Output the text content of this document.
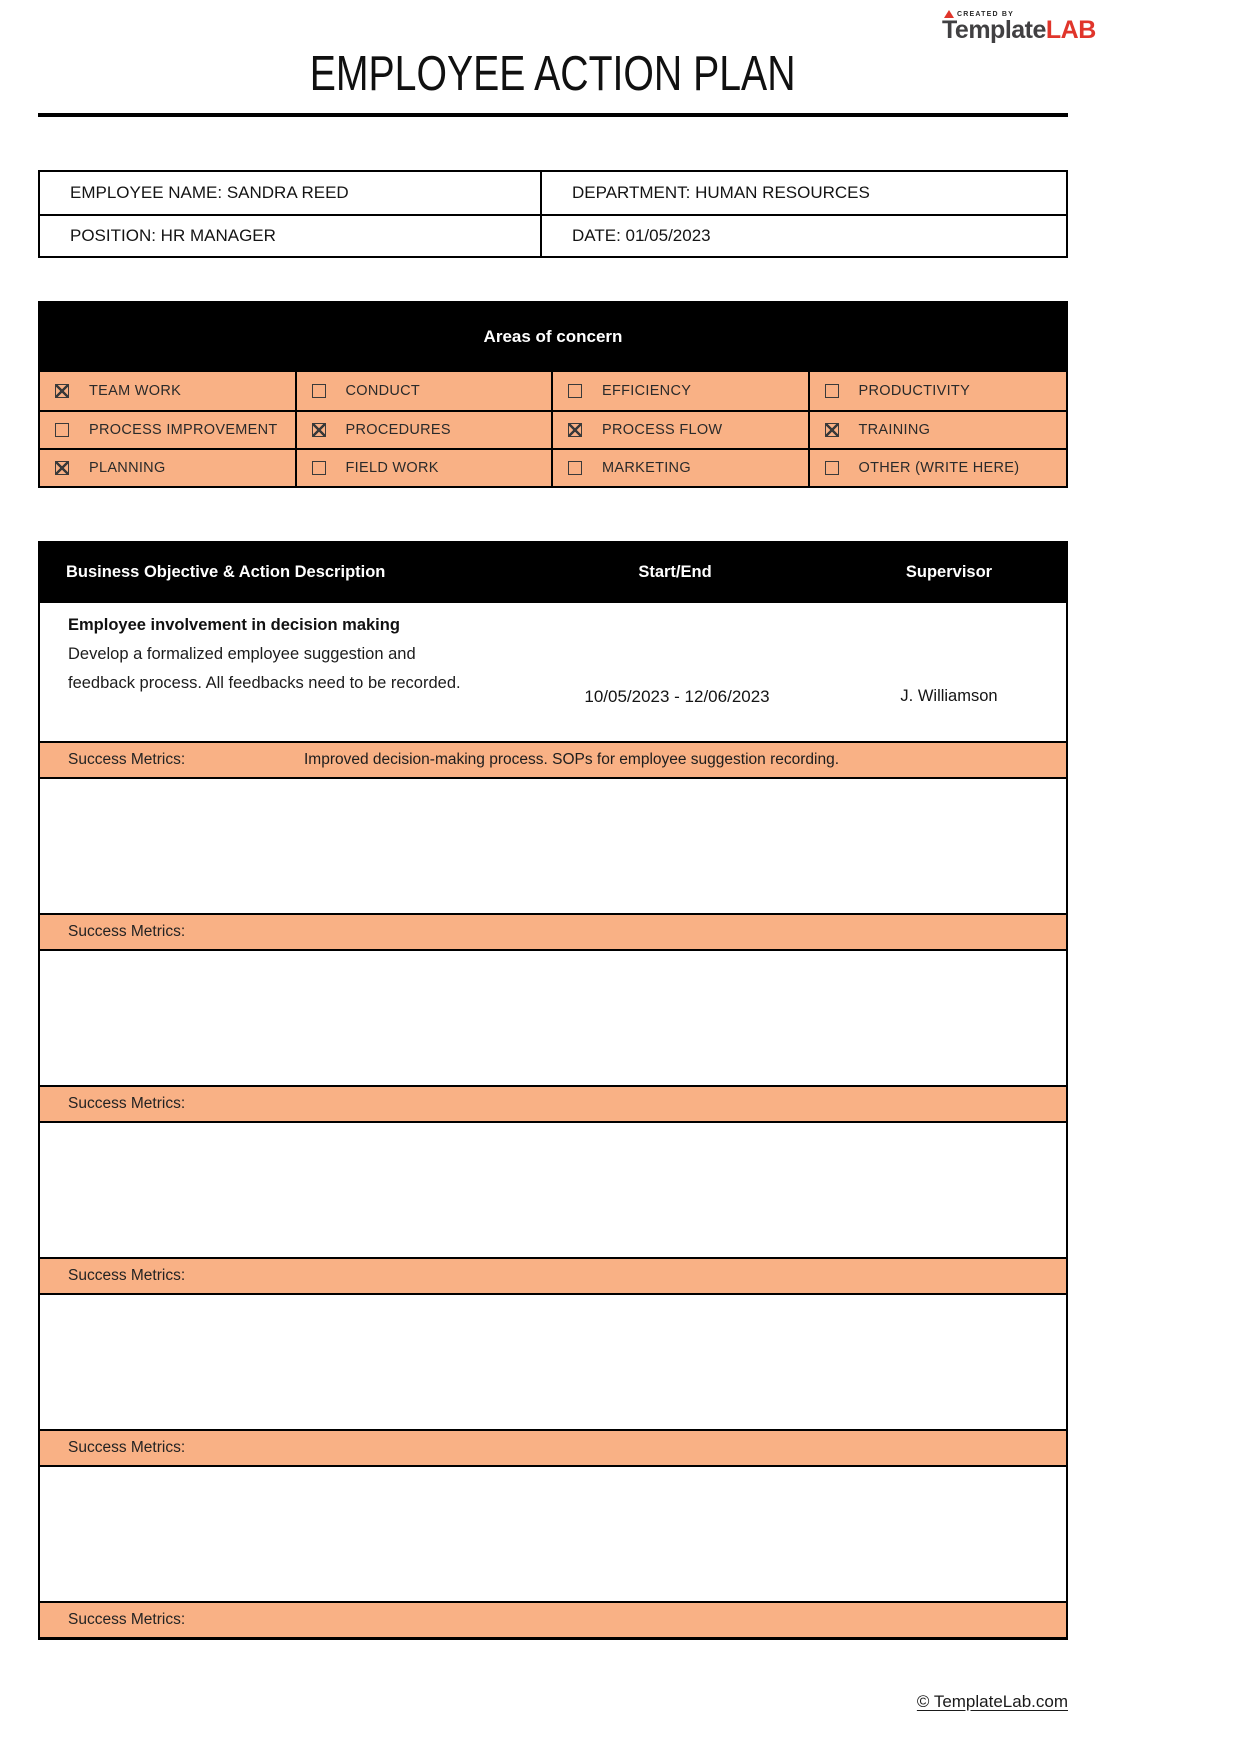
CREATED BY
TemplateLAB
EMPLOYEE ACTION PLAN
EMPLOYEE NAME: SANDRA REED	DEPARTMENT: HUMAN RESOURCES
POSITION: HR MANAGER	DATE: 01/05/2023
Areas of concern
TEAM WORK	CONDUCT	EFFICIENCY	PRODUCTIVITY
PROCESS IMPROVEMENT	PROCEDURES	PROCESS FLOW	TRAINING
PLANNING	FIELD WORK	MARKETING	OTHER (WRITE HERE)
Business Objective & Action Description	Start/End	Supervisor
Employee involvement in decision making
Develop a formalized employee suggestion and feedback process. All feedbacks need to be recorded.
10/05/2023 - 12/06/2023	J. Williamson
Success Metrics:	Improved decision-making process. SOPs for employee suggestion recording.
Success Metrics:
Success Metrics:
Success Metrics:
Success Metrics:
Success Metrics:
© TemplateLab.com
